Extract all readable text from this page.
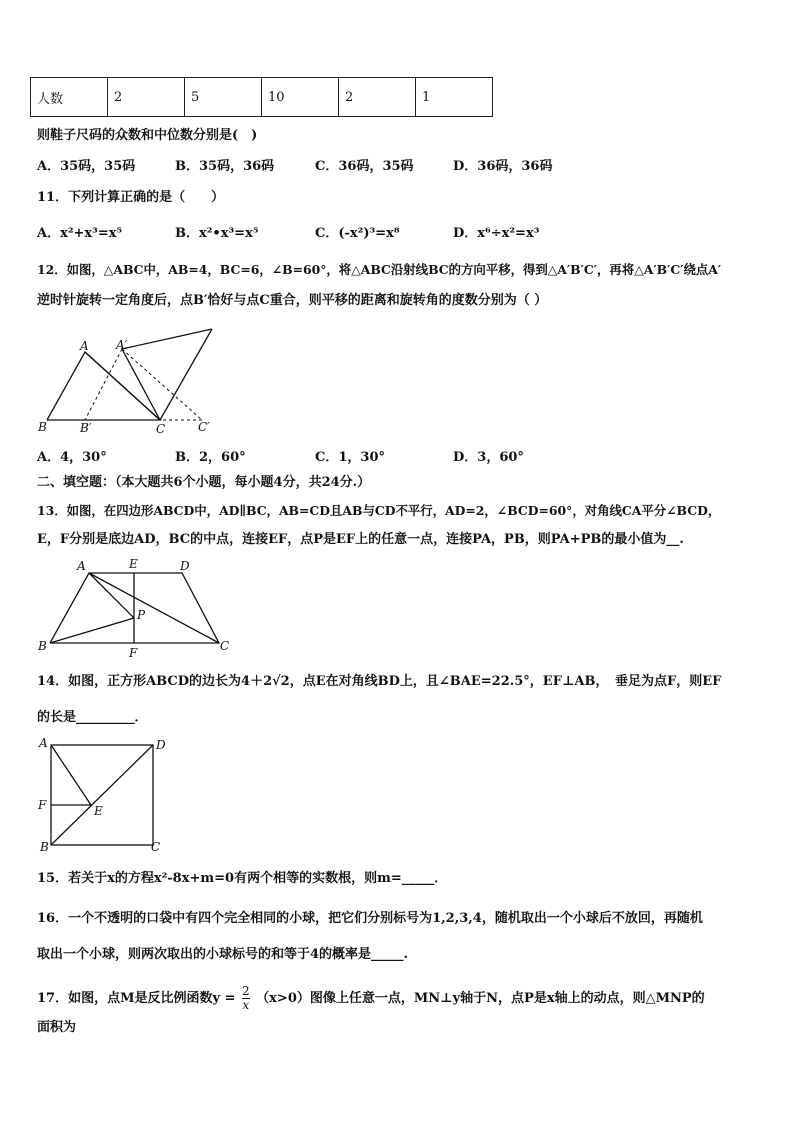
人数	2	5	10	2	1
则鞋子尺码的众数和中位数分别是(　)
A．35码，35码	B．35码，36码	C．36码，35码	D．36码，36码
11．下列计算正确的是（　　）
A．x²+x³=x⁵	B．x²•x³=x⁵	C．(-x²)³=x⁸	D．x⁶÷x²=x³
12．如图，△ABC中，AB=4，BC=6，∠B=60°，将△ABC沿射线BC的方向平移，得到△A′B′C′，再将△A′B′C′绕点A′
逆时针旋转一定角度后，点B′恰好与点C重合，则平移的距离和旋转角的度数分别为（ ）
A A′
B	B′	C	C′
A．4，30°	B．2，60°	C．1，30°	D．3，60°
二、填空题：（本大题共6个小题，每小题4分，共24分.）
13．如图，在四边形ABCD中，AD∥BC，AB=CD且AB与CD不平行，AD=2，∠BCD=60°，对角线CA平分∠BCD，
E，F分别是底边AD，BC的中点，连接EF，点P是EF上的任意一点，连接PA，PB，则PA+PB的最小值为__.
A	E	D
P
B	F	C
14．如图，正方形ABCD的边长为4＋2√2，点E在对角线BD上，且∠BAE=22.5°，EF⊥AB，　垂足为点F，则EF
的长是_________．
A	D
F	E
B	C
15．若关于x的方程x²-8x+m=0有两个相等的实数根，则m=_____．
16．一个不透明的口袋中有四个完全相同的小球，把它们分别标号为1,2,3,4，随机取出一个小球后不放回，再随机
取出一个小球，则两次取出的小球标号的和等于4的概率是_____.
17．如图，点M是反比例函数$y = \frac{2}{x} (x>0)$图像上任意一点，MN⊥y轴于N，点P是x轴上的动点，则△MNP的
面积为
